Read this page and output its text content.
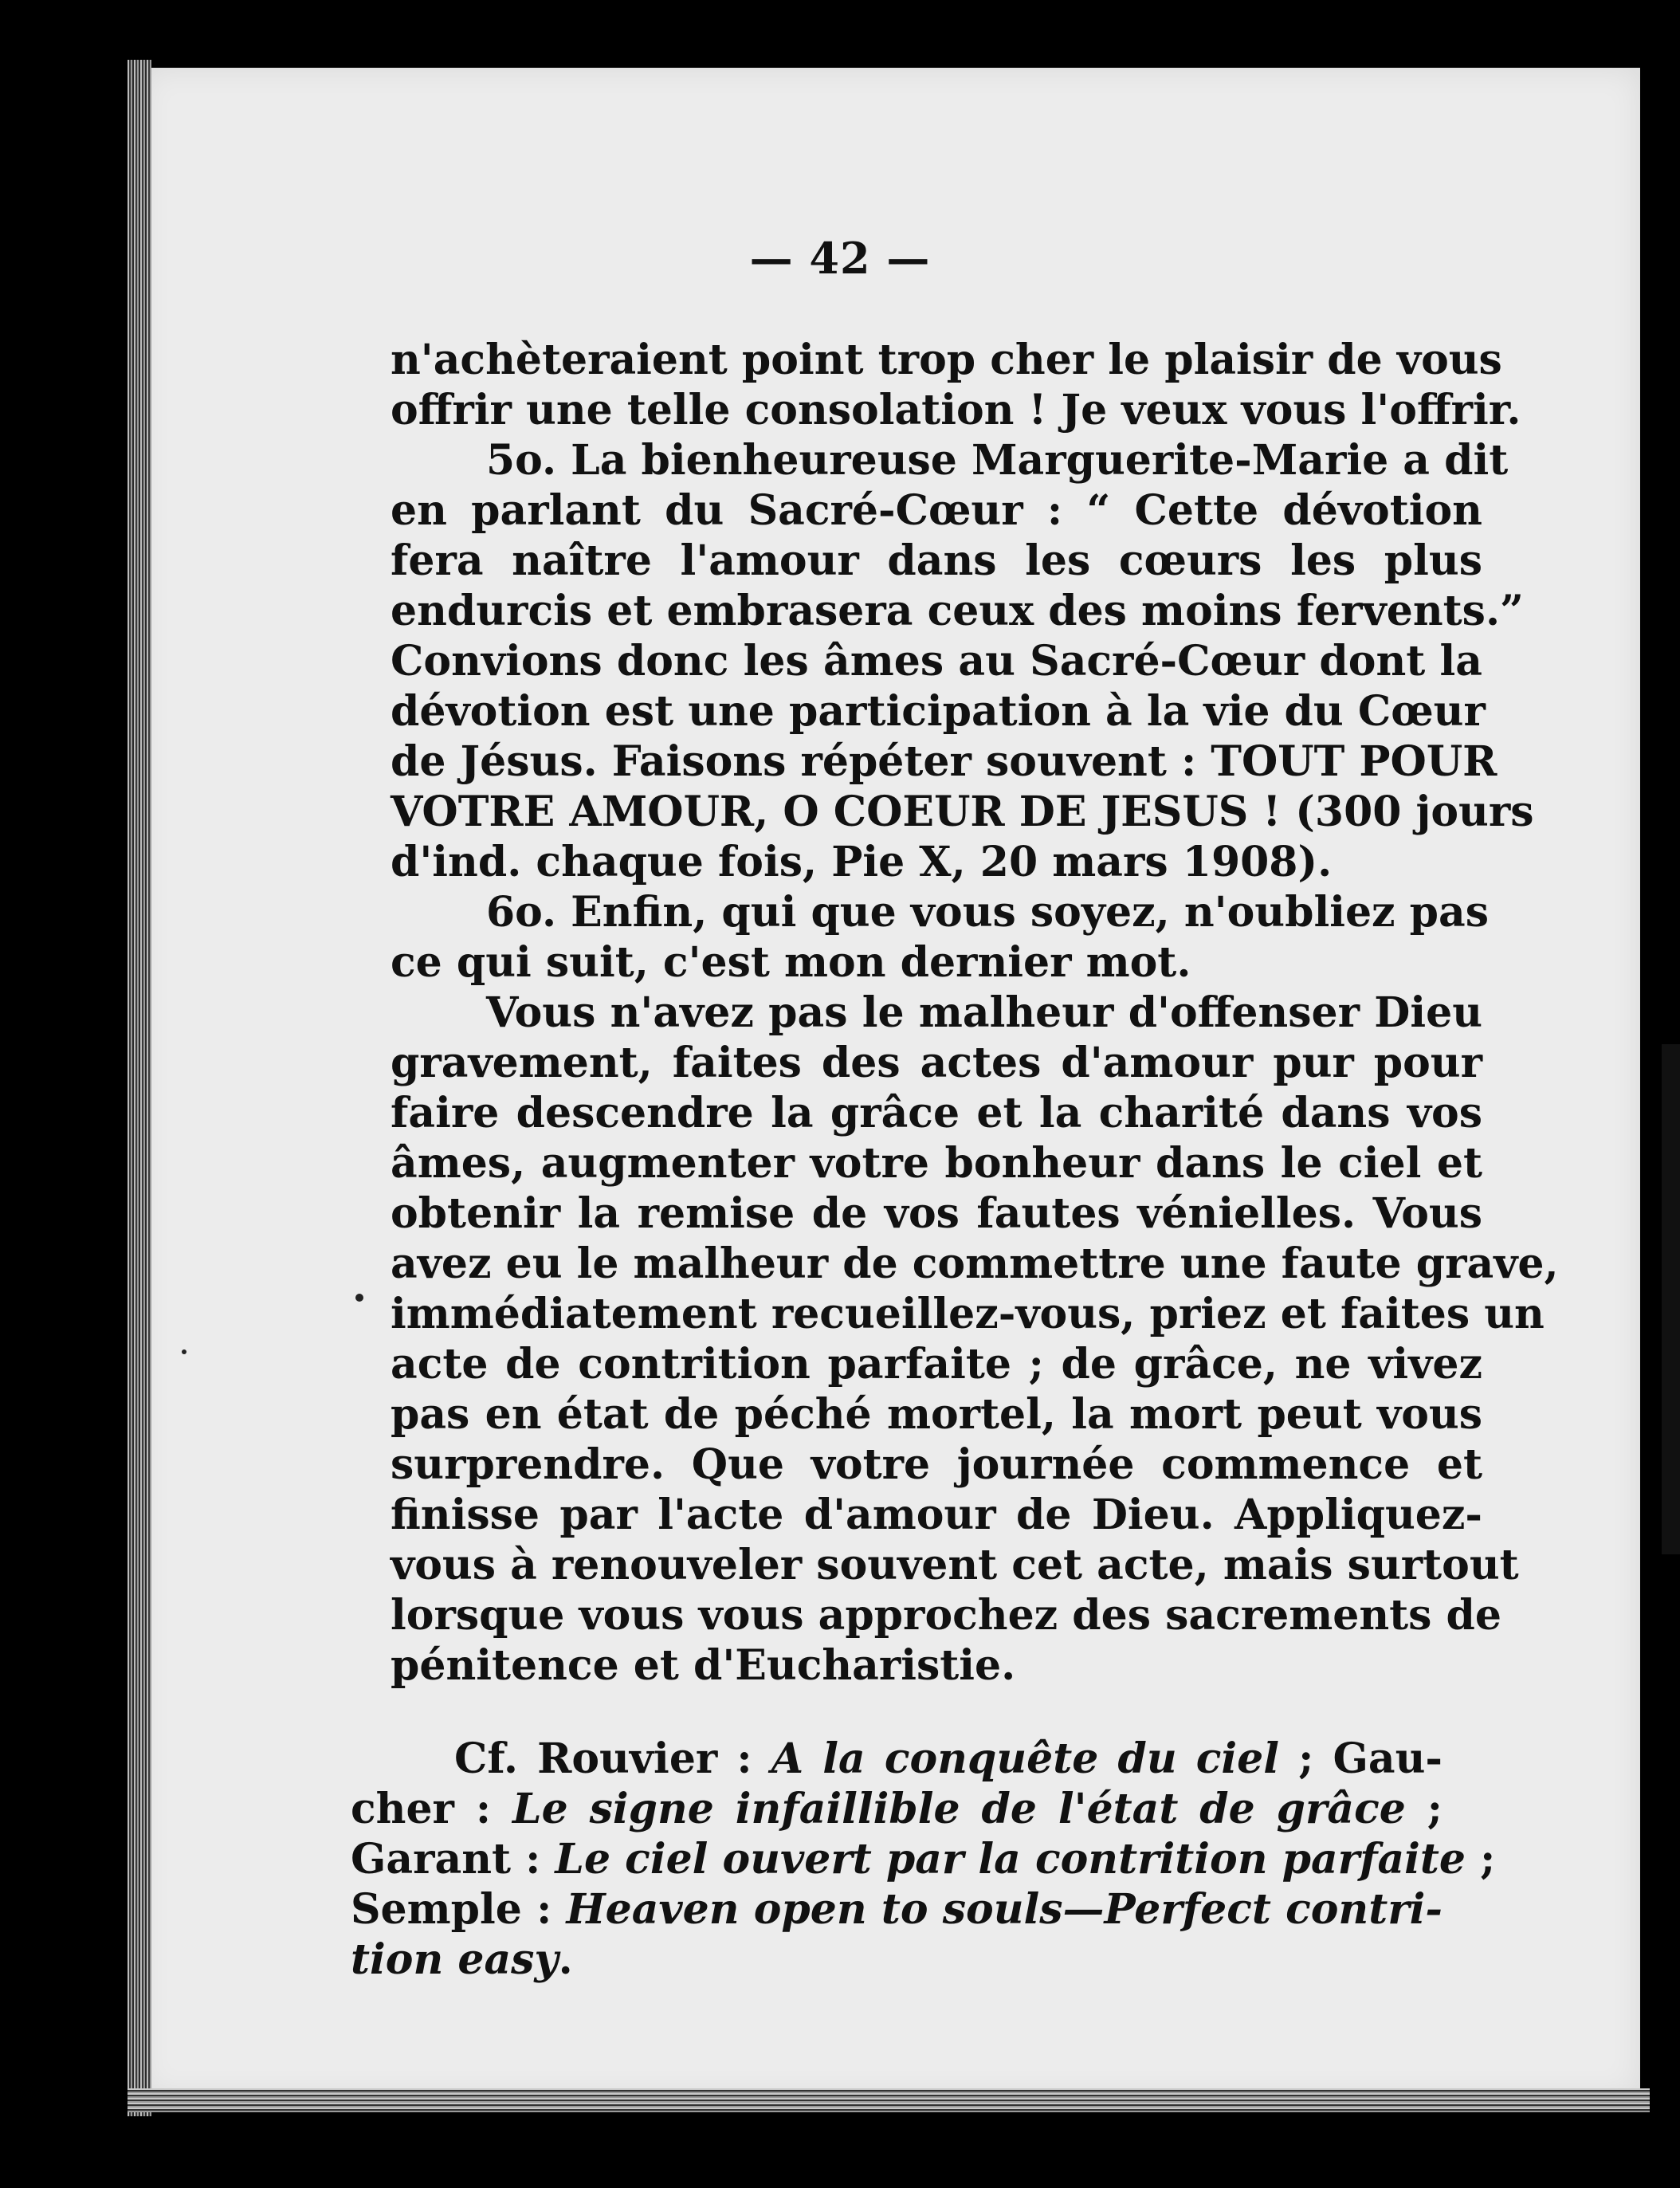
— 42 —
n'achèteraient point trop cher le plaisir de vous
offrir une telle consolation ! Je veux vous l'offrir.
5o. La bienheureuse Marguerite-Marie a dit
en parlant du Sacré-Cœur : “ Cette dévotion
fera naître l'amour dans les cœurs les plus
endurcis et embrasera ceux des moins fervents.”
Convions donc les âmes au Sacré-Cœur dont la
dévotion est une participation à la vie du Cœur
de Jésus. Faisons répéter souvent : TOUT POUR
VOTRE AMOUR, O COEUR DE JESUS ! (300 jours
d'ind. chaque fois, Pie X, 20 mars 1908).
6o. Enfin, qui que vous soyez, n'oubliez pas
ce qui suit, c'est mon dernier mot.
Vous n'avez pas le malheur d'offenser Dieu
gravement, faites des actes d'amour pur pour
faire descendre la grâce et la charité dans vos
âmes, augmenter votre bonheur dans le ciel et
obtenir la remise de vos fautes vénielles. Vous
avez eu le malheur de commettre une faute grave,
immédiatement recueillez-vous, priez et faites un
acte de contrition parfaite ; de grâce, ne vivez
pas en état de péché mortel, la mort peut vous
surprendre. Que votre journée commence et
finisse par l'acte d'amour de Dieu. Appliquez-
vous à renouveler souvent cet acte, mais surtout
lorsque vous vous approchez des sacrements de
pénitence et d'Eucharistie.
Cf. Rouvier : A la conquête du ciel ; Gau-
cher : Le signe infaillible de l'état de grâce ;
Garant : Le ciel ouvert par la contrition parfaite ;
Semple : Heaven open to souls—Perfect contri-
tion easy.
